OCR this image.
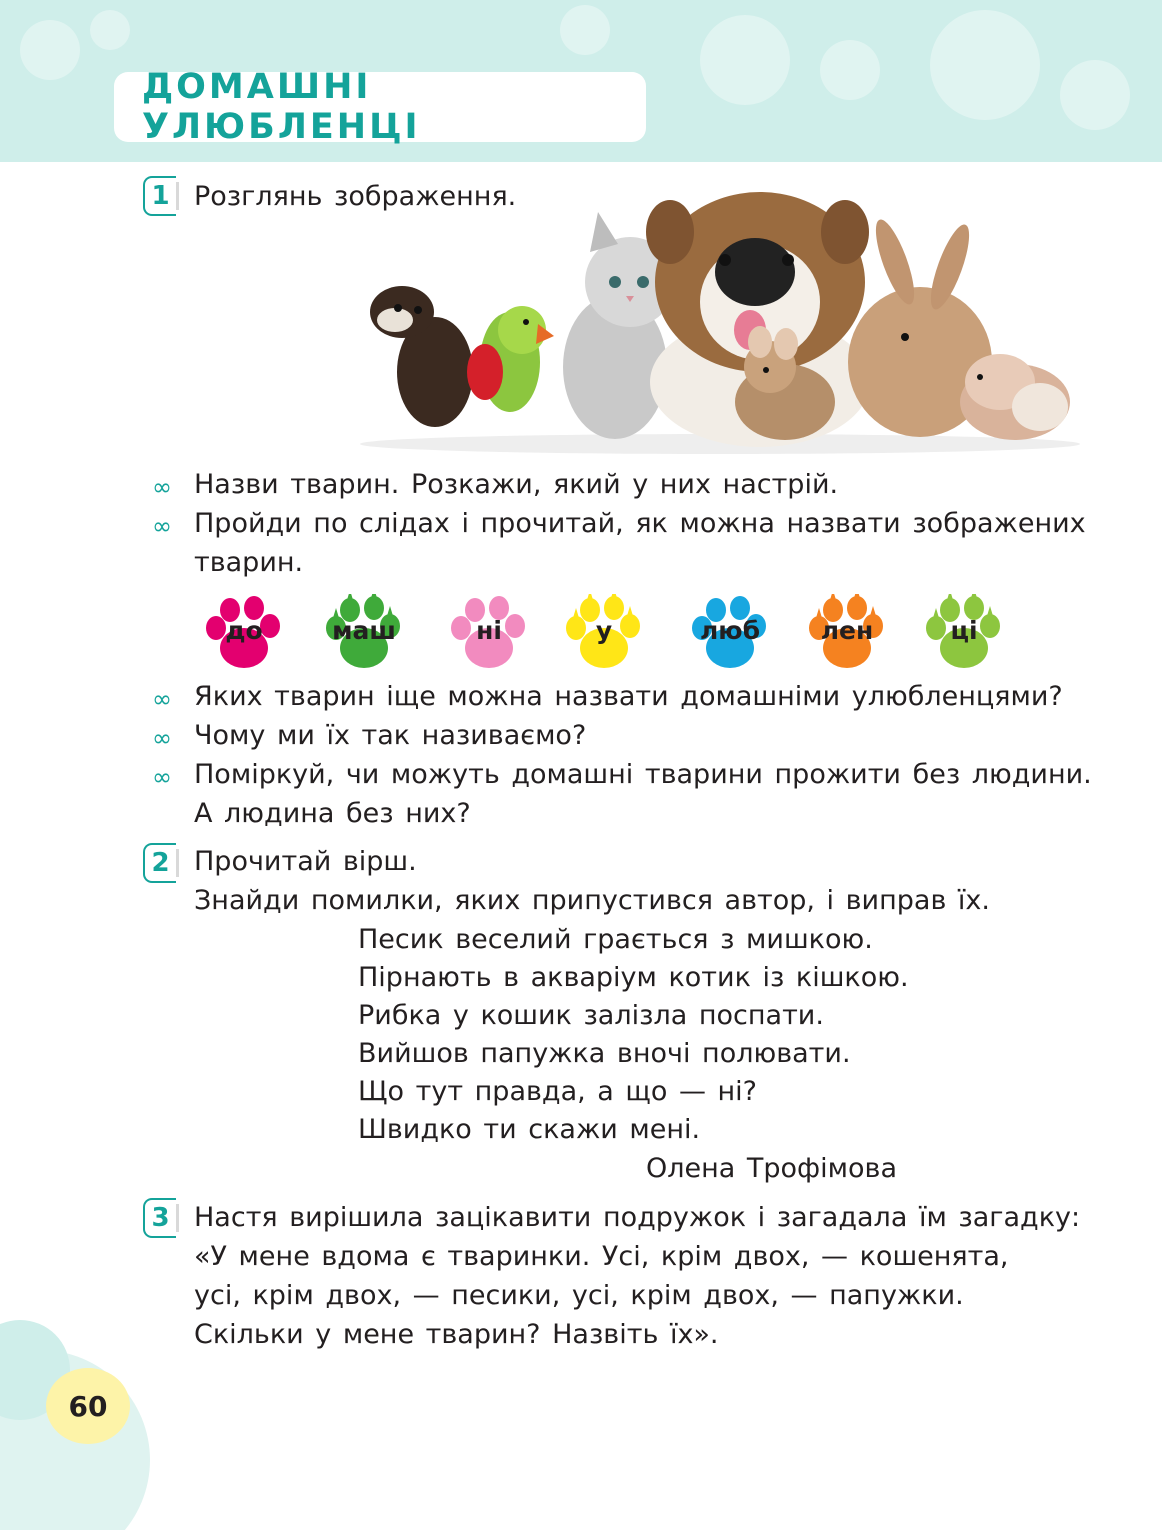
ДОМАШНІ УЛЮБЛЕНЦІ
1 Розглянь зображення.
∞ Назви тварин. Розкажи, який у них настрій.
∞ Пройди по слідах і прочитай, як можна назвати зображених
тварин.
∞ Яких тварин іще можна назвати домашніми улюбленцями?
∞ Чому ми їх так називаємо?
∞ Поміркуй, чи можуть домашні тварини прожити без людини.
А людина без них?
2 Прочитай вірш.
Знайди помилки, яких припустився автор, і виправ їх.
Песик веселий грається з мишкою.
Пірнають в акваріум котик із кішкою.
Рибка у кошик залізла поспати.
Вийшов папужка вночі полювати.
Що тут правда, а що — ні?
Швидко ти скажи мені.
Олена Трофімова
3 Настя вирішила зацікавити подружок і загадала їм загадку:
«У мене вдома є тваринки. Усі, крім двох, — кошенята,
усі, крім двох, — песики, усі, крім двох, — папужки.
Скільки у мене тварин? Назвіть їх».
60
до	маш	ні	у	люб	лен	ці
